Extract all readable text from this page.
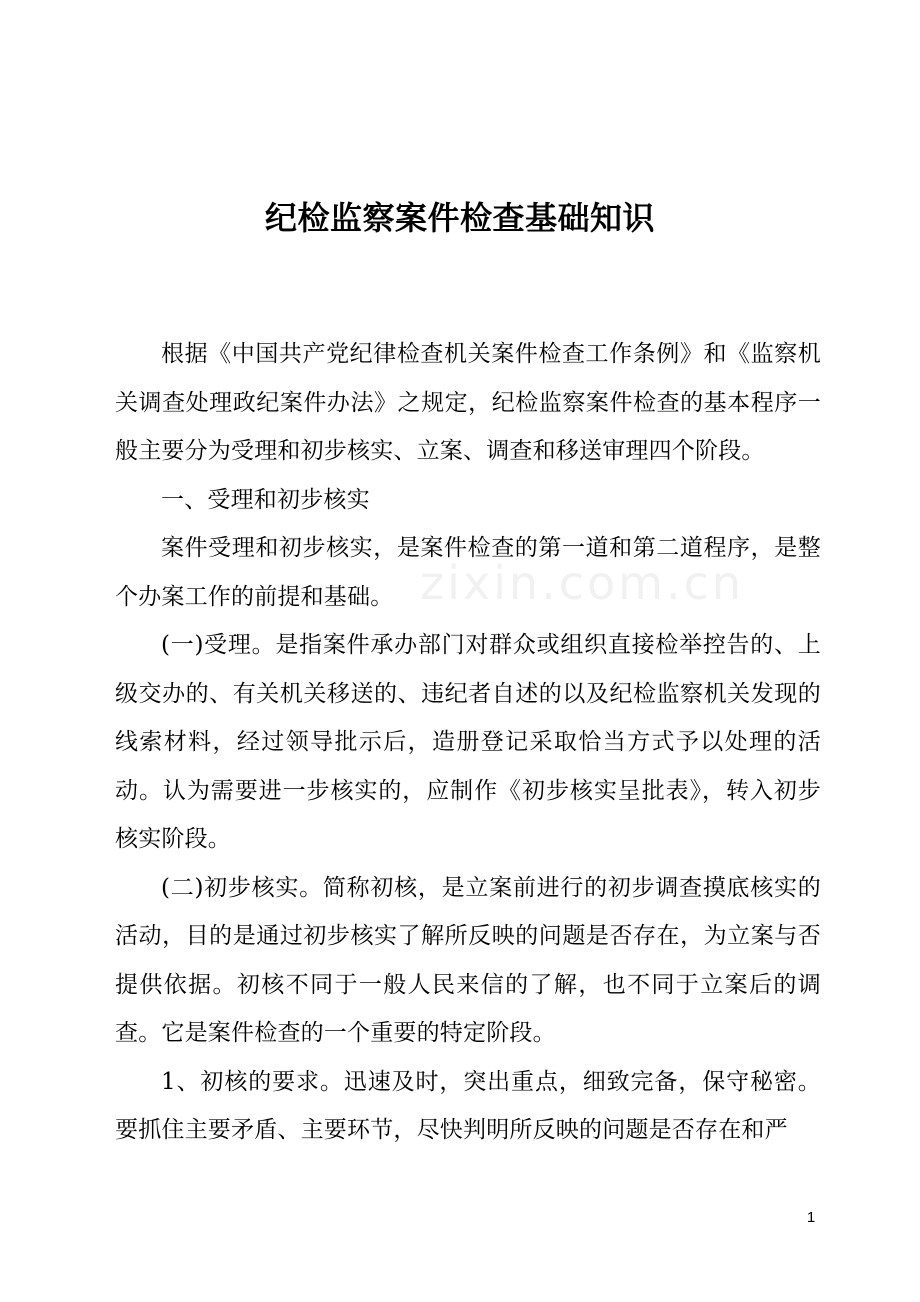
zixin.com.cn
纪检监察案件检查基础知识

根据《中国共产党纪律检查机关案件检查工作条例》和《监察机关调查处理政纪案件办法》之规定，纪检监察案件检查的基本程序一般主要分为受理和初步核实、立案、调查和移送审理四个阶段。

一、受理和初步核实

案件受理和初步核实，是案件检查的第一道和第二道程序，是整个办案工作的前提和基础。

(一)受理。是指案件承办部门对群众或组织直接检举控告的、上级交办的、有关机关移送的、违纪者自述的以及纪检监察机关发现的线索材料，经过领导批示后，造册登记采取恰当方式予以处理的活动。认为需要进一步核实的，应制作《初步核实呈批表》，转入初步核实阶段。

(二)初步核实。简称初核，是立案前进行的初步调查摸底核实的活动，目的是通过初步核实了解所反映的问题是否存在，为立案与否提供依据。初核不同于一般人民来信的了解，也不同于立案后的调查。它是案件检查的一个重要的特定阶段。

1、初核的要求。迅速及时，突出重点，细致完备，保守秘密。要抓住主要矛盾、主要环节，尽快判明所反映的问题是否存在和严

1
